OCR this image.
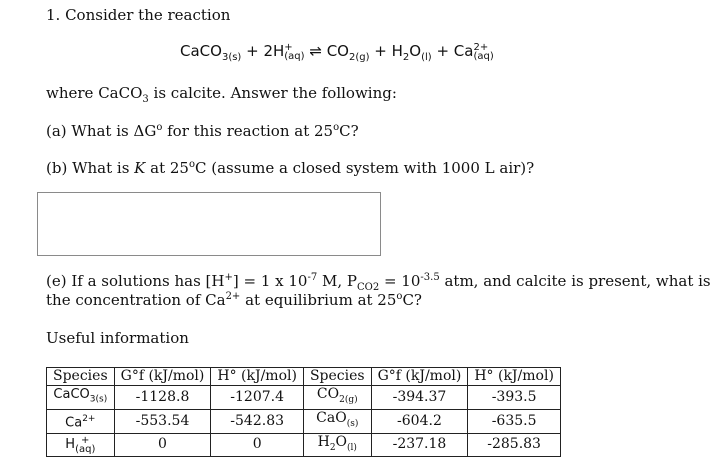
1. Consider the reaction
CaCO$_{3(s)}$ + 2H +
(aq) ⇌ $CO_{2(g)} + H_2O_{(l)} + Ca$ 2+
(aq)
where CaCO$_3$ is calcite. Answer the following:
(a) What is $\Delta G^o$ for this reaction at 25$^o$C?
(b) What is K at 25$^o$C (assume a closed system with 1000 L air)?
(e) If a solutions has [H+] = 1 x $10^{-7}$ M, $P_{CO2} = 10^{-3.5}$ atm, and calcite is present, what is
the concentration of $Ca^{2+}$ at equilibrium at 25$^o$C?
Useful information
Species	G°f (kJ/mol)	H° (kJ/mol)	Species	G°f (kJ/mol)	H° (kJ/mol)
CaCO$_{3(s)}$	-1128.8	-1207.4	$CO_{2(g)}$	-394.37	-393.5
$Ca^{2+}$	-553.54	-542.83	CaO$_{(s)}$	-604.2	-635.5
H +
(aq)	0	0	$H_2O_{(l)}$	-237.18	-285.83
